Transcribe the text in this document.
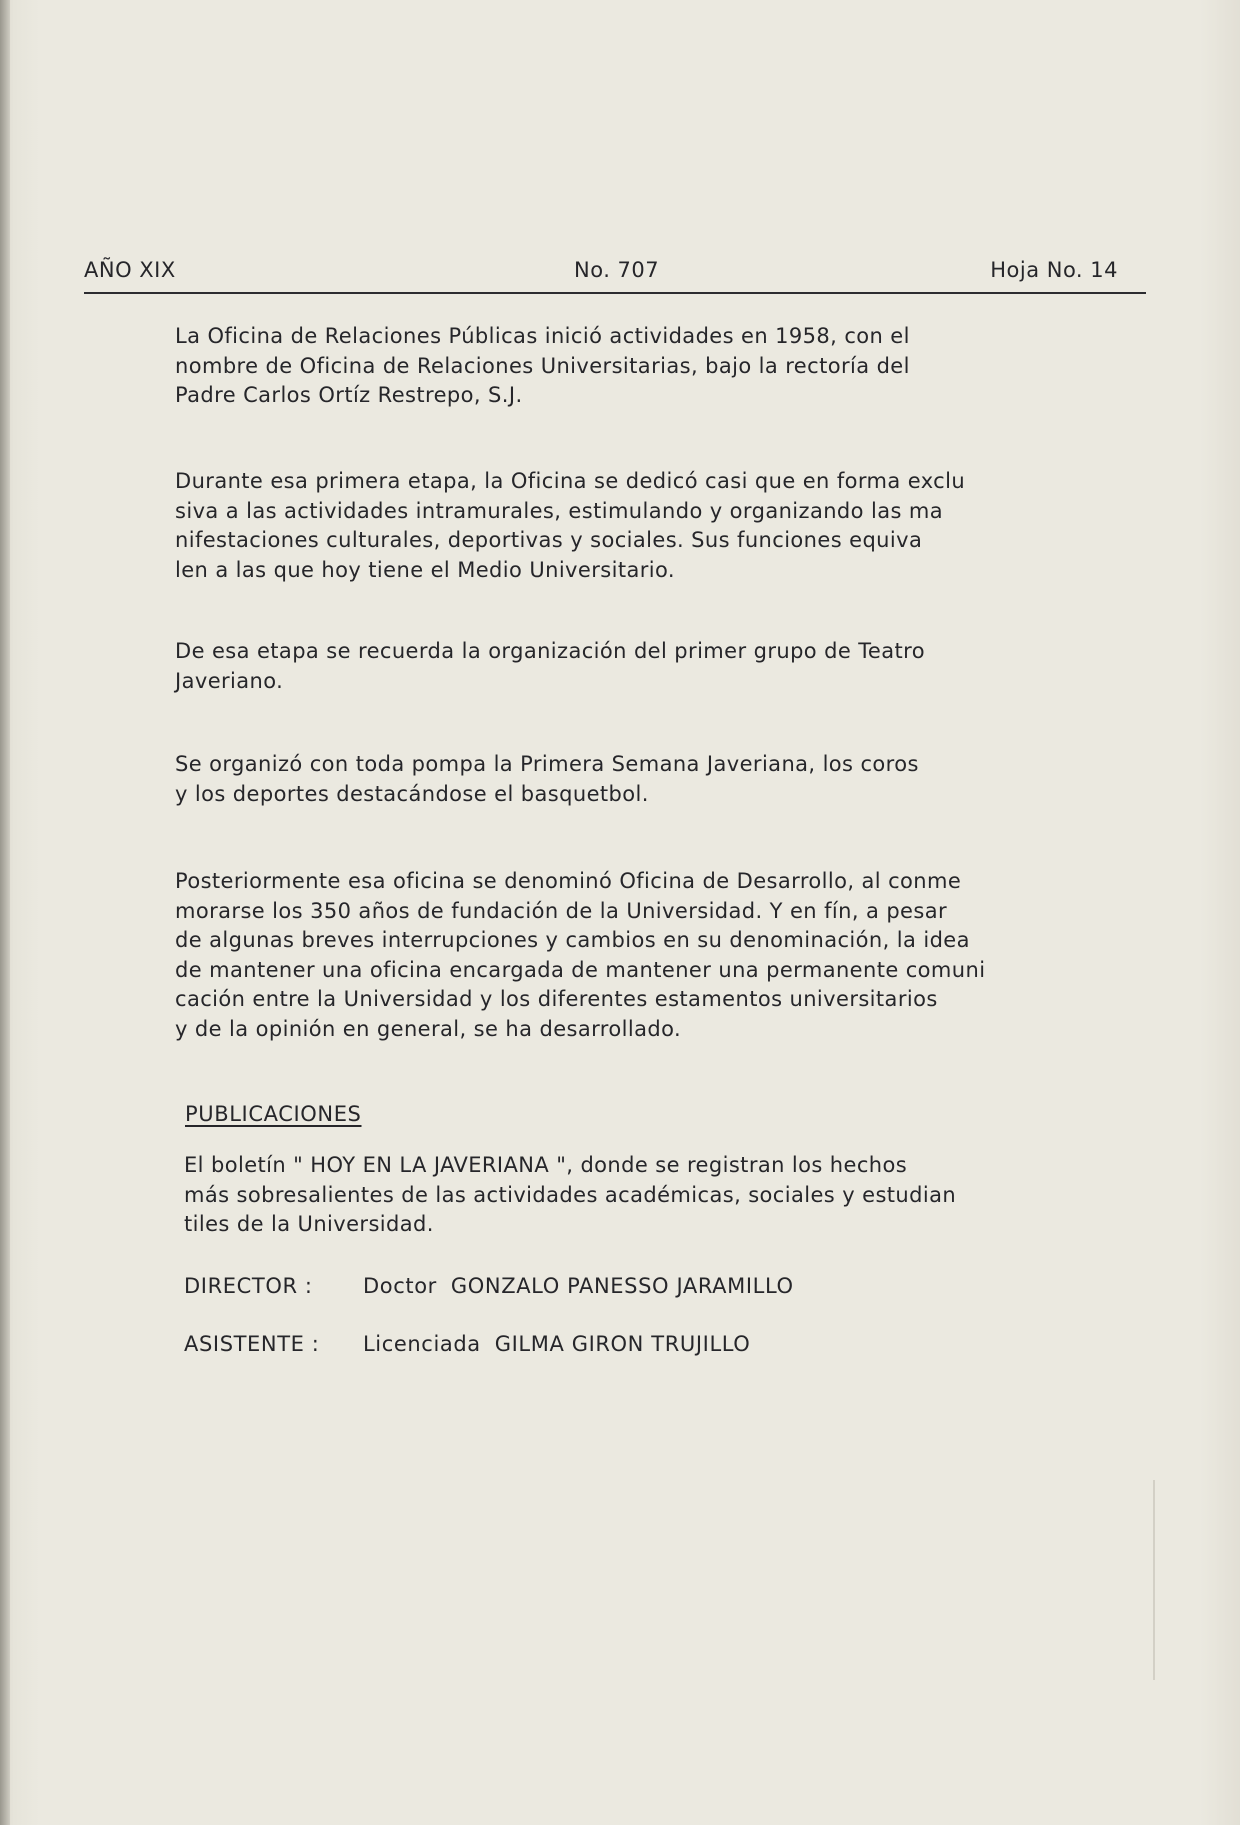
AÑO XIX	No. 707	Hoja No. 14

La Oficina de Relaciones Públicas inició actividades en 1958, con el
nombre de Oficina de Relaciones Universitarias, bajo la rectoría del
Padre Carlos Ortíz Restrepo, S.J.

Durante esa primera etapa, la Oficina se dedicó casi que en forma exclu
siva a las actividades intramurales, estimulando y organizando las ma
nifestaciones culturales, deportivas y sociales. Sus funciones equiva
len a las que hoy tiene el Medio Universitario.

De esa etapa se recuerda la organización del primer grupo de Teatro
Javeriano.

Se organizó con toda pompa la Primera Semana Javeriana, los coros
y los deportes destacándose el basquetbol.

Posteriormente esa oficina se denominó Oficina de Desarrollo, al conme
morarse los 350 años de fundación de la Universidad. Y en fín, a pesar
de algunas breves interrupciones y cambios en su denominación, la idea
de mantener una oficina encargada de mantener una permanente comuni
cación entre la Universidad y los diferentes estamentos universitarios
y de la opinión en general, se ha desarrollado.

PUBLICACIONES

El boletín " HOY EN LA JAVERIANA ", donde se registran los hechos
más sobresalientes de las actividades académicas, sociales y estudian
tiles de la Universidad.

DIRECTOR : Doctor GONZALO PANESSO JARAMILLO
ASISTENTE : Licenciada GILMA GIRON TRUJILLO
